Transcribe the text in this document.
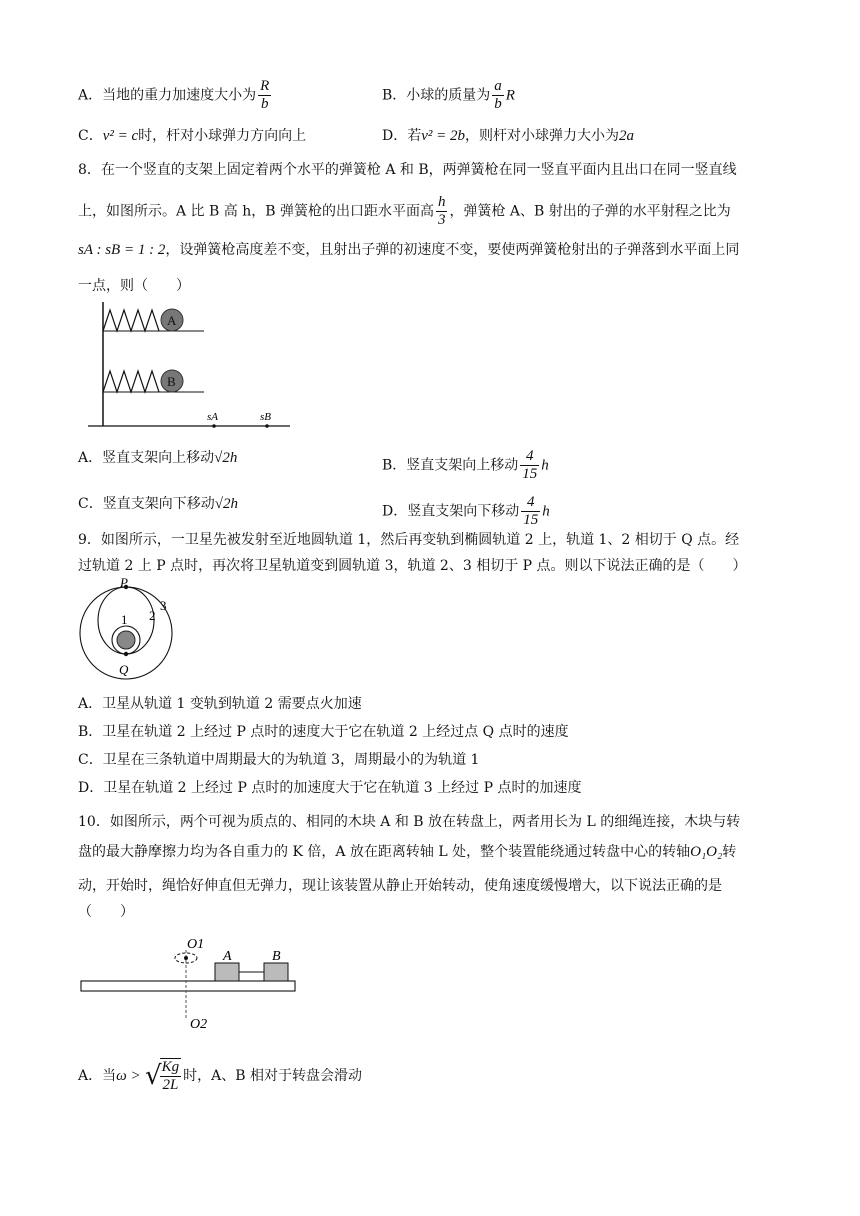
A．当地的重力加速度大小为 $\frac{R}{b}$	B．小球的质量为 $\frac{a}{b}$ R
C．v² = c时，杆对小球弹力方向向上	D．若v² = 2b，则杆对小球弹力大小为2a
8．在一个竖直的支架上固定着两个水平的弹簧枪 A 和 B，两弹簧枪在同一竖直平面内且出口在同一竖直线
上，如图所示。A 比 B 高 h，B 弹簧枪的出口距水平面高 $\frac{h}{3}$ ，弹簧枪 A、B 射出的子弹的水平射程之比为
sA : sB = 1 : 2，设弹簧枪高度差不变，且射出子弹的初速度不变，要使两弹簧枪射出的子弹落到水平面上同
一点，则（　　）
A
B
sA	sB
A．竖直支架向上移动√2h	B．竖直支架向上移动 $\frac{4}{15}$ h
C．竖直支架向下移动√2h	D．竖直支架向下移动 $\frac{4}{15}$ h
9．如图所示，一卫星先被发射至近地圆轨道 1，然后再变轨到椭圆轨道 2 上，轨道 1、2 相切于 Q 点。经
过轨道 2 上 P 点时，再次将卫星轨道变到圆轨道 3，轨道 2、3 相切于 P 点。则以下说法正确的是（　　）
P
Q
1 2
3
A．卫星从轨道 1 变轨到轨道 2 需要点火加速
B．卫星在轨道 2 上经过 P 点时的速度大于它在轨道 2 上经过点 Q 点时的速度
C．卫星在三条轨道中周期最大的为轨道 3，周期最小的为轨道 1
D．卫星在轨道 2 上经过 P 点时的加速度大于它在轨道 3 上经过 P 点时的加速度
10．如图所示，两个可视为质点的、相同的木块 A 和 B 放在转盘上，两者用长为 L 的细绳连接，木块与转
盘的最大静摩擦力均为各自重力的 K 倍，A 放在距离转轴 L 处，整个装置能绕通过转盘中心的转轴O₁O₂转
动，开始时，绳恰好伸直但无弹力，现让该装置从静止开始转动，使角速度缓慢增大，以下说法正确的是
（　　）
O1
A	B
O2
A．当ω > √
$\frac{Kg}{2L}$ 时，A、B 相对于转盘会滑动
